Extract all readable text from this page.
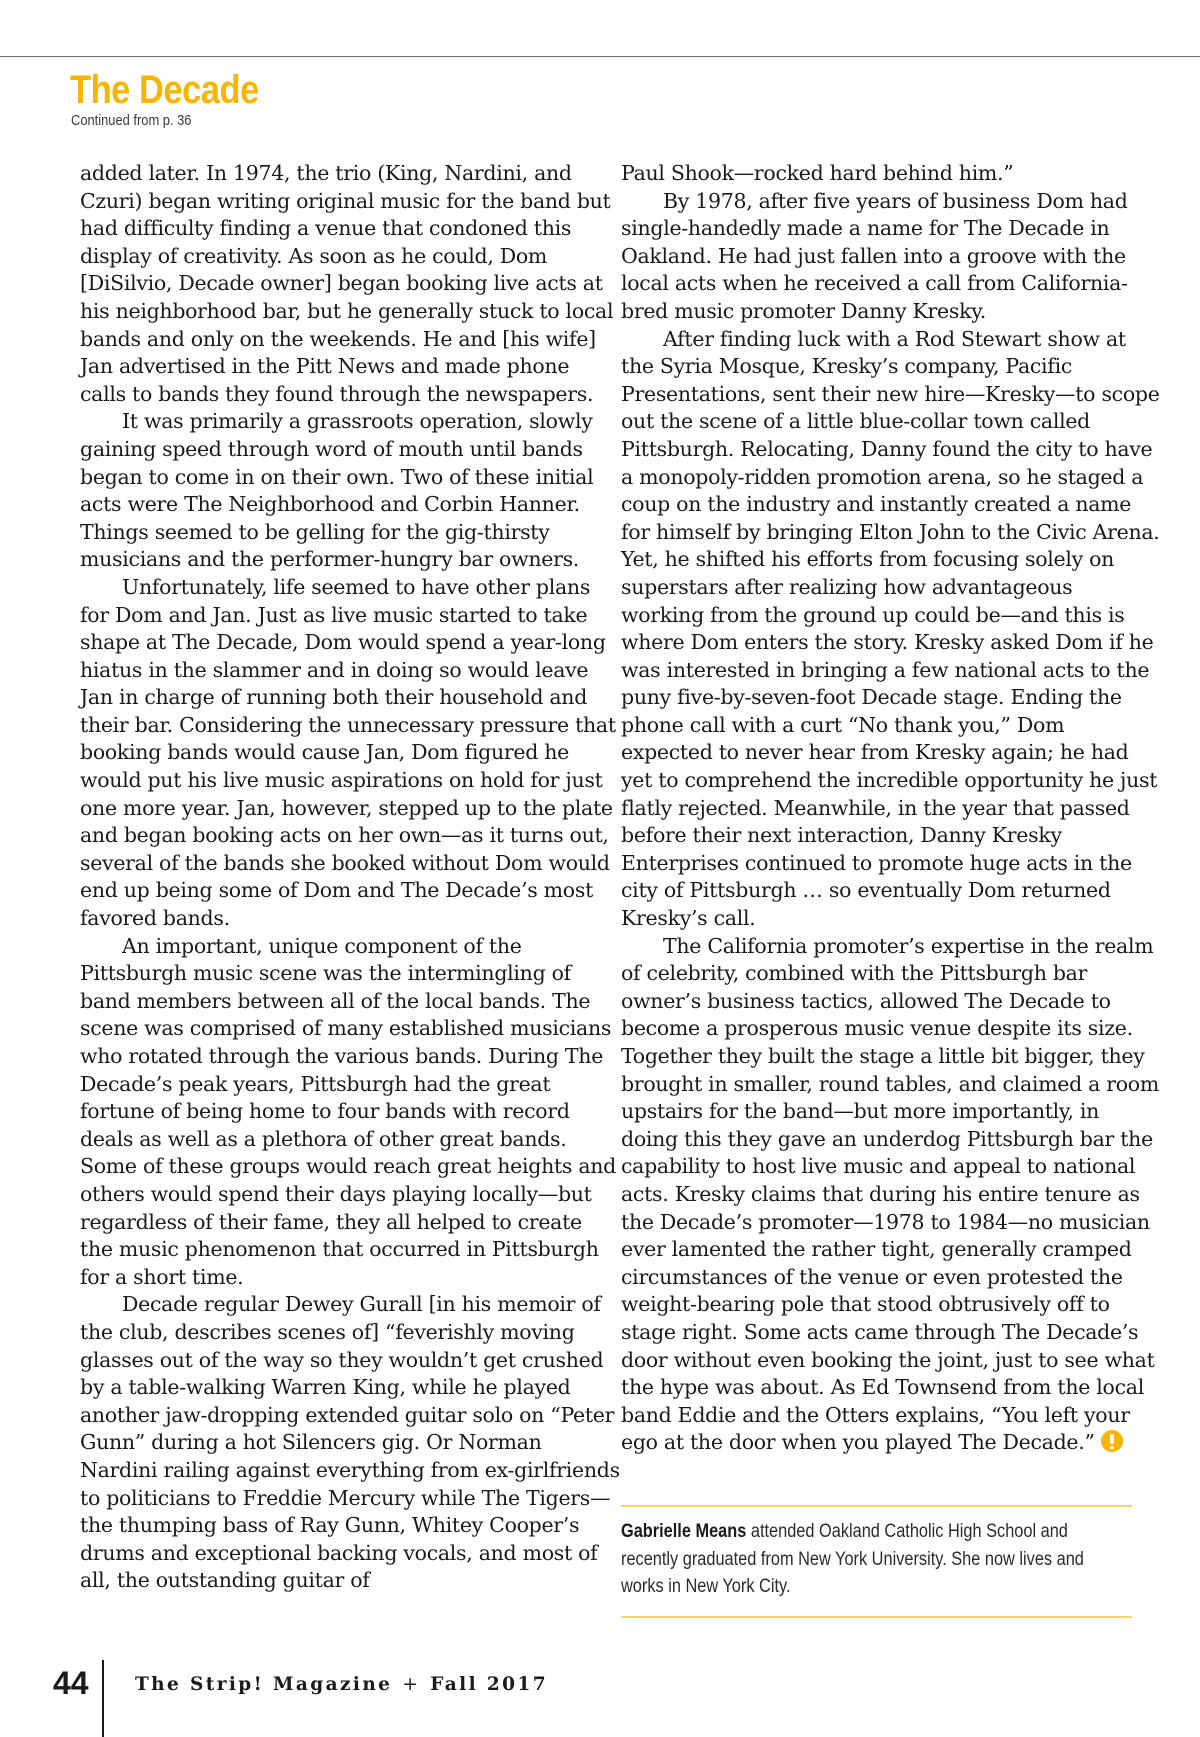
The Decade
Continued from p. 36

added later. In 1974, the trio (King, Nardini, and Czuri) began writing original music for the band but had difficulty finding a venue that condoned this display of creativity. As soon as he could, Dom [DiSilvio, Decade owner] began booking live acts at his neighborhood bar, but he generally stuck to local bands and only on the weekends. He and [his wife] Jan advertised in the Pitt News and made phone calls to bands they found through the newspapers.

It was primarily a grassroots operation, slowly gaining speed through word of mouth until bands began to come in on their own. Two of these initial acts were The Neighborhood and Corbin Hanner. Things seemed to be gelling for the gig-thirsty musicians and the performer-hungry bar owners.

Unfortunately, life seemed to have other plans for Dom and Jan. Just as live music started to take shape at The Decade, Dom would spend a year-long hiatus in the slammer and in doing so would leave Jan in charge of running both their household and their bar. Considering the unnecessary pressure that booking bands would cause Jan, Dom figured he would put his live music aspirations on hold for just one more year. Jan, however, stepped up to the plate and began booking acts on her own—as it turns out, several of the bands she booked without Dom would end up being some of Dom and The Decade’s most favored bands.

An important, unique component of the Pittsburgh music scene was the intermingling of band members between all of the local bands. The scene was comprised of many established musicians who rotated through the various bands. During The Decade’s peak years, Pittsburgh had the great fortune of being home to four bands with record deals as well as a plethora of other great bands. Some of these groups would reach great heights and others would spend their days playing locally—but regardless of their fame, they all helped to create the music phenomenon that occurred in Pittsburgh for a short time.

Decade regular Dewey Gurall [in his memoir of the club, describes scenes of] “feverishly moving glasses out of the way so they wouldn’t get crushed by a table-walking Warren King, while he played another jaw-dropping extended guitar solo on “Peter Gunn” during a hot Silencers gig. Or Norman Nardini railing against everything from ex-girlfriends to politicians to Freddie Mercury while The Tigers—the thumping bass of Ray Gunn, Whitey Cooper’s drums and exceptional backing vocals, and most of all, the outstanding guitar of

Paul Shook—rocked hard behind him.”

By 1978, after five years of business Dom had single-handedly made a name for The Decade in Oakland. He had just fallen into a groove with the local acts when he received a call from California-bred music promoter Danny Kresky.

After finding luck with a Rod Stewart show at the Syria Mosque, Kresky’s company, Pacific Presentations, sent their new hire—Kresky—to scope out the scene of a little blue-collar town called Pittsburgh. Relocating, Danny found the city to have a monopoly-ridden promotion arena, so he staged a coup on the industry and instantly created a name for himself by bringing Elton John to the Civic Arena. Yet, he shifted his efforts from focusing solely on superstars after realizing how advantageous working from the ground up could be—and this is where Dom enters the story. Kresky asked Dom if he was interested in bringing a few national acts to the puny five-by-seven-foot Decade stage. Ending the phone call with a curt “No thank you,” Dom expected to never hear from Kresky again; he had yet to comprehend the incredible opportunity he just flatly rejected. Meanwhile, in the year that passed before their next interaction, Danny Kresky Enterprises continued to promote huge acts in the city of Pittsburgh … so eventually Dom returned Kresky’s call.

The California promoter’s expertise in the realm of celebrity, combined with the Pittsburgh bar owner’s business tactics, allowed The Decade to become a prosperous music venue despite its size. Together they built the stage a little bit bigger, they brought in smaller, round tables, and claimed a room upstairs for the band—but more importantly, in doing this they gave an underdog Pittsburgh bar the capability to host live music and appeal to national acts. Kresky claims that during his entire tenure as the Decade’s promoter—1978 to 1984—no musician ever lamented the rather tight, generally cramped circumstances of the venue or even protested the weight-bearing pole that stood obtrusively off to stage right. Some acts came through The Decade’s door without even booking the joint, just to see what the hype was about. As Ed Townsend from the local band Eddie and the Otters explains, “You left your ego at the door when you played The Decade.”

Gabrielle Means attended Oakland Catholic High School and recently graduated from New York University. She now lives and works in New York City.
44	The Strip! Magazine + Fall 2017
